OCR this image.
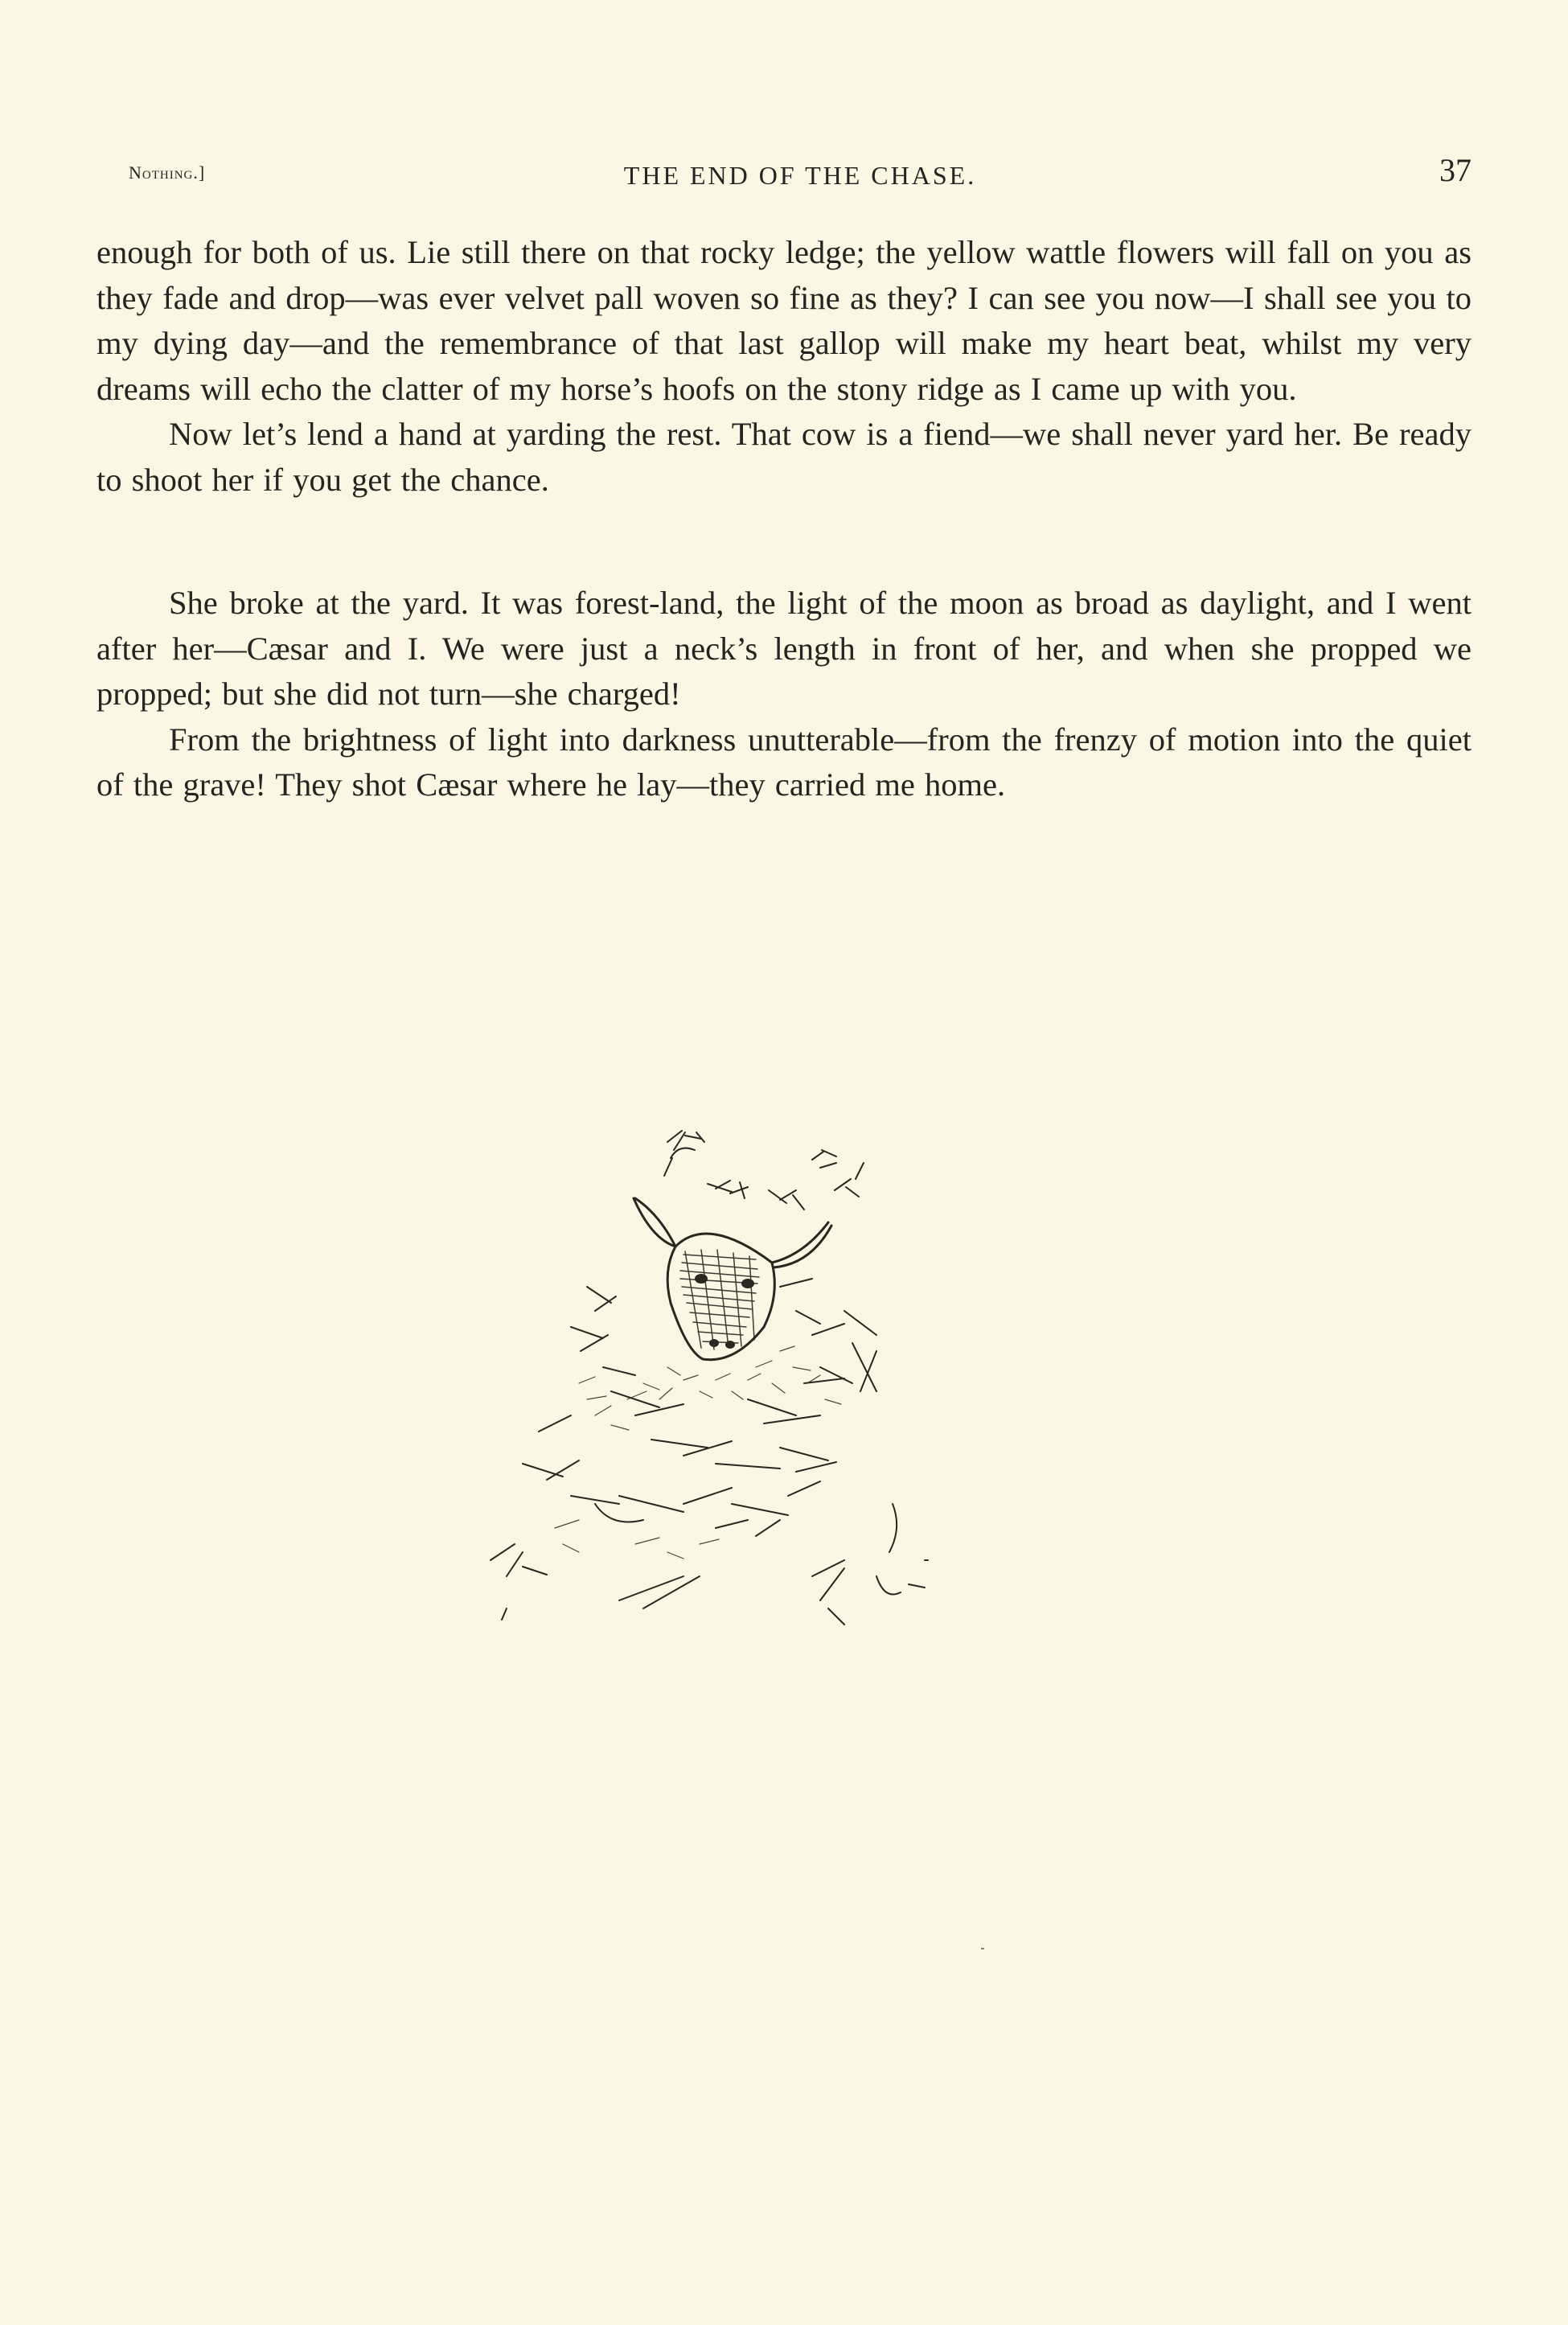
Nothing.]	THE END OF THE CHASE.	37

enough for both of us. Lie still there on that rocky ledge; the yellow wattle flowers will fall on you as they fade and drop—was ever velvet pall woven so fine as they? I can see you now—I shall see you to my dying day—and the remembrance of that last gallop will make my heart beat, whilst my very dreams will echo the clatter of my horse’s hoofs on the stony ridge as I came up with you.

Now let’s lend a hand at yarding the rest. That cow is a fiend—we shall never yard her. Be ready to shoot her if you get the chance.

She broke at the yard. It was forest-land, the light of the moon as broad as daylight, and I went after her—Cæsar and I. We were just a neck’s length in front of her, and when she propped we propped; but she did not turn—she charged!

From the brightness of light into darkness unutterable—from the frenzy of motion into the quiet of the grave! They shot Cæsar where he lay—they carried me home.
